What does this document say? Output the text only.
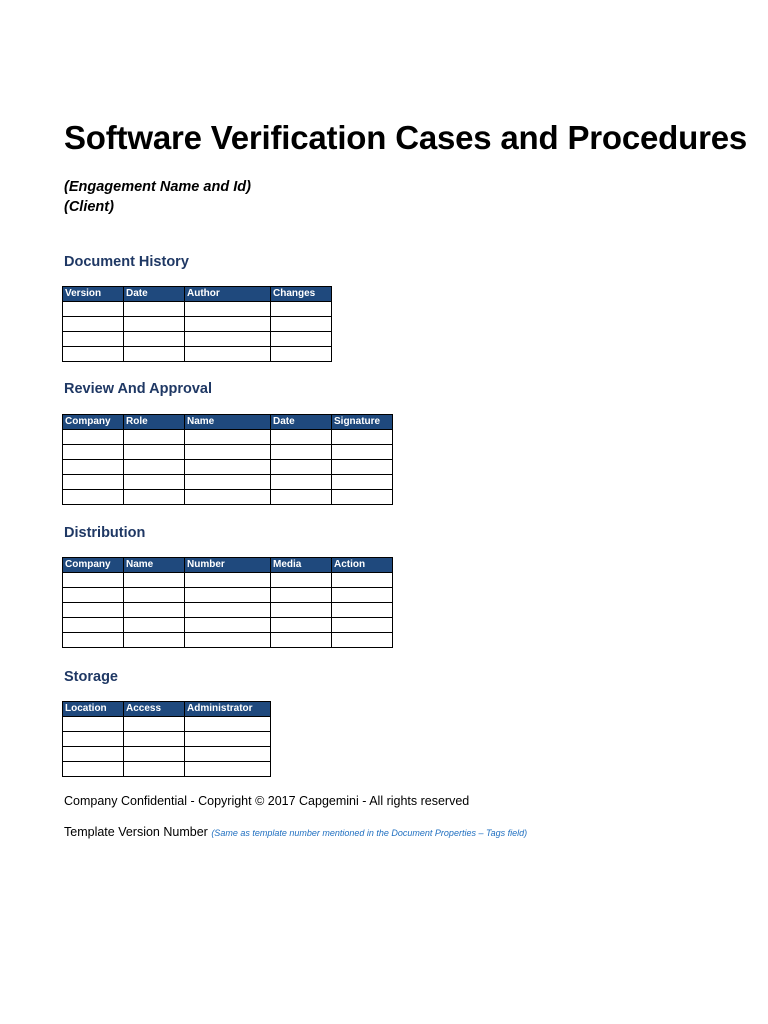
Software Verification Cases and Procedures
(Engagement Name and Id)
(Client)
Document History
Version	Date	Author	Changes

Review And Approval
Company	Role	Name	Date	Signature

Distribution
Company	Name	Number	Media	Action

Storage
Location	Access	Administrator

Company Confidential - Copyright © 2017 Capgemini - All rights reserved
Template Version Number (Same as template number mentioned in the Document Properties – Tags field)
